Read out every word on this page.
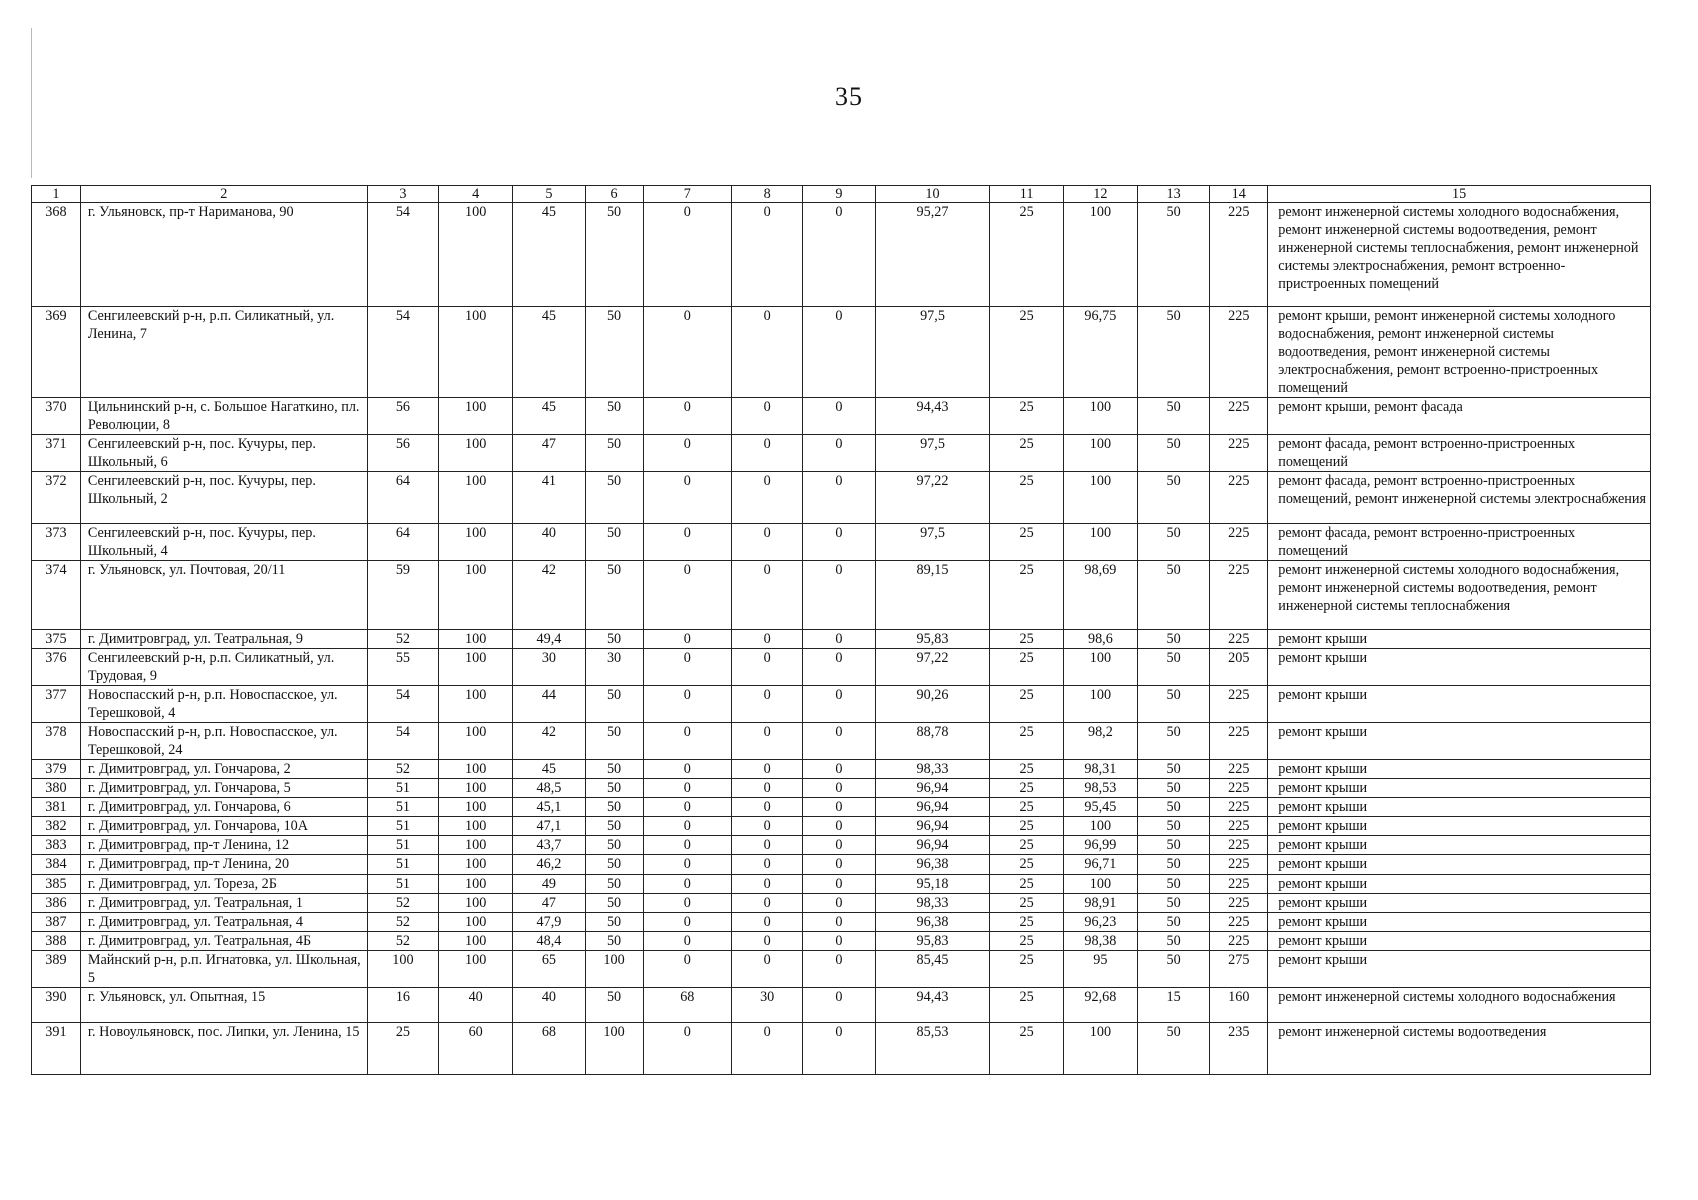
35
1	2	3	4	5	6	7	8	9	10	11	12	13	14	15
368	г. Ульяновск, пр-т Нариманова, 90	54	100	45	50	0	0	0	95,27	25	100	50	225	ремонт инженерной системы холодного водоснабжения, ремонт инженерной системы водоотведения, ремонт инженерной системы теплоснабжения, ремонт инженерной системы электроснабжения, ремонт встроенно-пристроенных помещений
369	Сенгилеевский р-н, р.п. Силикатный, ул. Ленина, 7	54	100	45	50	0	0	0	97,5	25	96,75	50	225	ремонт крыши, ремонт инженерной системы холодного водоснабжения, ремонт инженерной системы водоотведения, ремонт инженерной системы электроснабжения, ремонт встроенно-пристроенных помещений
370	Цильнинский р-н, с. Большое Нагаткино, пл. Революции, 8	56	100	45	50	0	0	0	94,43	25	100	50	225	ремонт крыши, ремонт фасада
371	Сенгилеевский р-н, пос. Кучуры, пер. Школьный, 6	56	100	47	50	0	0	0	97,5	25	100	50	225	ремонт фасада, ремонт встроенно-пристроенных помещений
372	Сенгилеевский р-н, пос. Кучуры, пер. Школьный, 2	64	100	41	50	0	0	0	97,22	25	100	50	225	ремонт фасада, ремонт встроенно-пристроенных помещений, ремонт инженерной системы электроснабжения
373	Сенгилеевский р-н, пос. Кучуры, пер. Школьный, 4	64	100	40	50	0	0	0	97,5	25	100	50	225	ремонт фасада, ремонт встроенно-пристроенных помещений
374	г. Ульяновск, ул. Почтовая, 20/11	59	100	42	50	0	0	0	89,15	25	98,69	50	225	ремонт инженерной системы холодного водоснабжения, ремонт инженерной системы водоотведения, ремонт инженерной системы теплоснабжения
375	г. Димитровград, ул. Театральная, 9	52	100	49,4	50	0	0	0	95,83	25	98,6	50	225	ремонт крыши
376	Сенгилеевский р-н, р.п. Силикатный, ул. Трудовая, 9	55	100	30	30	0	0	0	97,22	25	100	50	205	ремонт крыши
377	Новоспасский р-н, р.п. Новоспасское, ул. Терешковой, 4	54	100	44	50	0	0	0	90,26	25	100	50	225	ремонт крыши
378	Новоспасский р-н, р.п. Новоспасское, ул. Терешковой, 24	54	100	42	50	0	0	0	88,78	25	98,2	50	225	ремонт крыши
379	г. Димитровград, ул. Гончарова, 2	52	100	45	50	0	0	0	98,33	25	98,31	50	225	ремонт крыши
380	г. Димитровград, ул. Гончарова, 5	51	100	48,5	50	0	0	0	96,94	25	98,53	50	225	ремонт крыши
381	г. Димитровград, ул. Гончарова, 6	51	100	45,1	50	0	0	0	96,94	25	95,45	50	225	ремонт крыши
382	г. Димитровград, ул. Гончарова, 10А	51	100	47,1	50	0	0	0	96,94	25	100	50	225	ремонт крыши
383	г. Димитровград, пр-т Ленина, 12	51	100	43,7	50	0	0	0	96,94	25	96,99	50	225	ремонт крыши
384	г. Димитровград, пр-т Ленина, 20	51	100	46,2	50	0	0	0	96,38	25	96,71	50	225	ремонт крыши
385	г. Димитровград, ул. Тореза, 2Б	51	100	49	50	0	0	0	95,18	25	100	50	225	ремонт крыши
386	г. Димитровград, ул. Театральная, 1	52	100	47	50	0	0	0	98,33	25	98,91	50	225	ремонт крыши
387	г. Димитровград, ул. Театральная, 4	52	100	47,9	50	0	0	0	96,38	25	96,23	50	225	ремонт крыши
388	г. Димитровград, ул. Театральная, 4Б	52	100	48,4	50	0	0	0	95,83	25	98,38	50	225	ремонт крыши
389	Майнский р-н, р.п. Игнатовка, ул. Школьная, 5	100	100	65	100	0	0	0	85,45	25	95	50	275	ремонт крыши
390	г. Ульяновск, ул. Опытная, 15	16	40	40	50	68	30	0	94,43	25	92,68	15	160	ремонт инженерной системы холодного водоснабжения
391	г. Новоульяновск, пос. Липки, ул. Ленина, 15	25	60	68	100	0	0	0	85,53	25	100	50	235	ремонт инженерной системы водоотведения
